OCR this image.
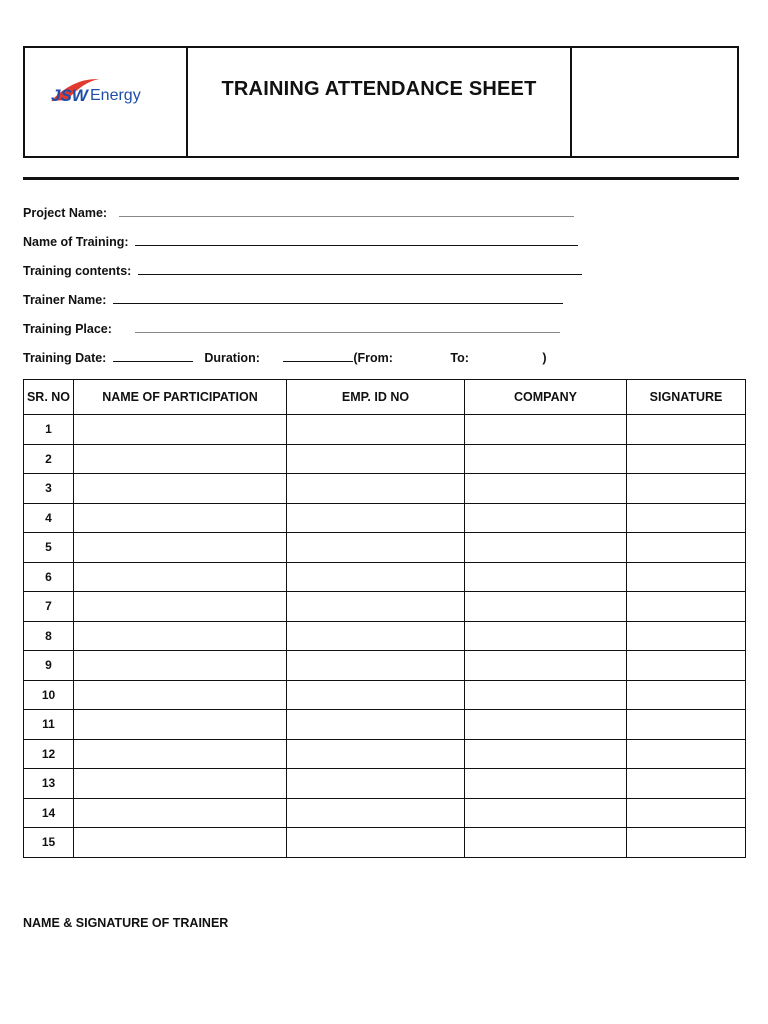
JSW Energy	TRAINING ATTENDANCE SHEET
Project Name:
Name of Training:
Training contents:
Trainer Name:
Training Place:
Training Date:	Duration:	(From:	To:	)
SR. NO	NAME OF PARTICIPATION	EMP. ID NO	COMPANY	SIGNATURE
1				
2				
3				
4				
5				
6				
7				
8				
9				
10				
11				
12				
13				
14				
15				
NAME & SIGNATURE OF TRAINER
